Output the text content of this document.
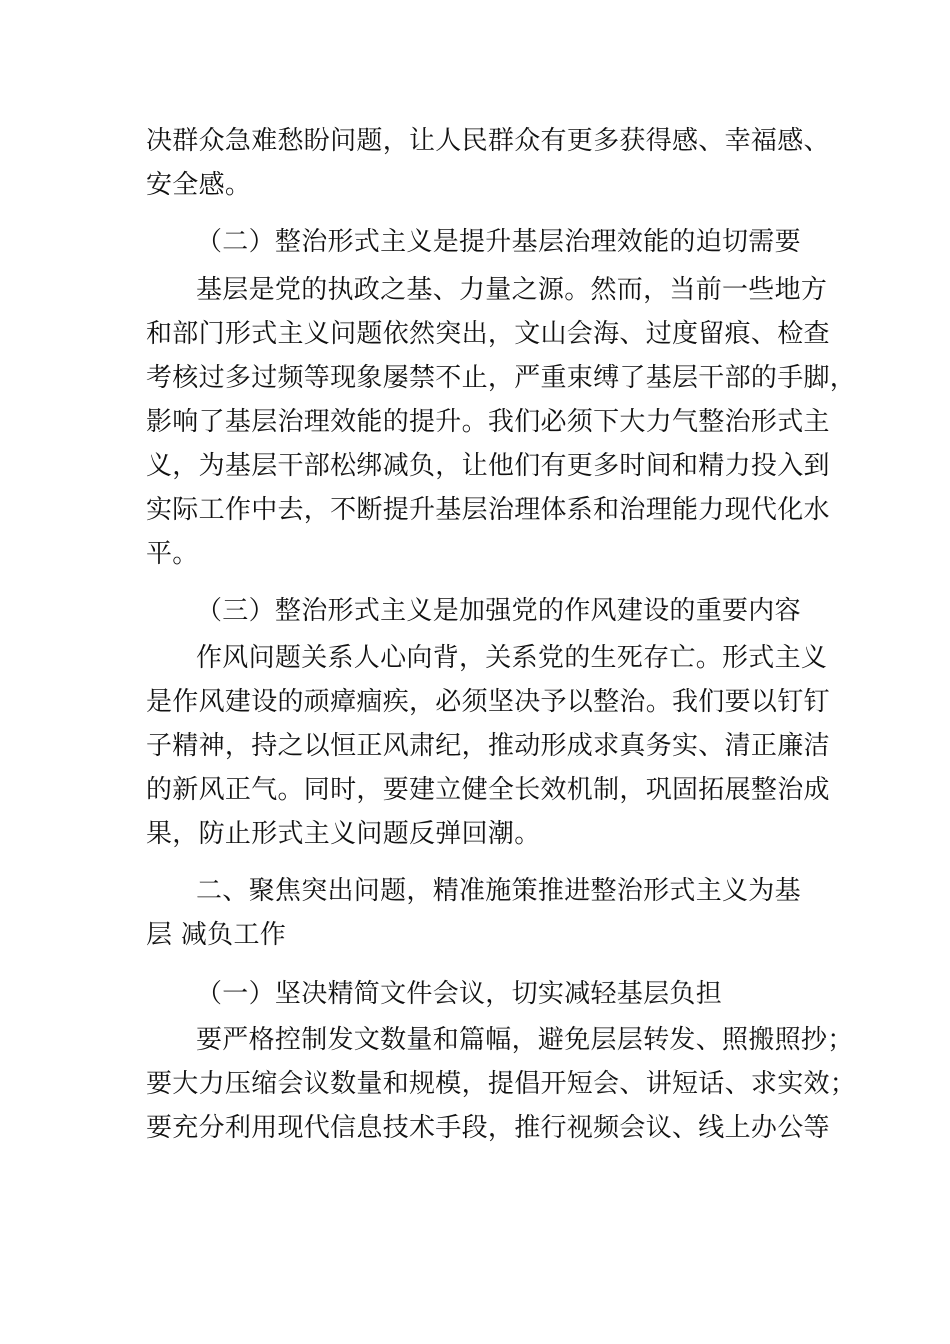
决群众急难愁盼问题，让人民群众有更多获得感、幸福感、
安全感。
（二）整治形式主义是提升基层治理效能的迫切需要
基层是党的执政之基、力量之源。然而，当前一些地方
和部门形式主义问题依然突出，文山会海、过度留痕、检查
考核过多过频等现象屡禁不止，严重束缚了基层干部的手脚，
影响了基层治理效能的提升。我们必须下大力气整治形式主
义，为基层干部松绑减负，让他们有更多时间和精力投入到
实际工作中去，不断提升基层治理体系和治理能力现代化水
平。
（三）整治形式主义是加强党的作风建设的重要内容
作风问题关系人心向背，关系党的生死存亡。形式主义
是作风建设的顽瘴痼疾，必须坚决予以整治。我们要以钉钉
子精神，持之以恒正风肃纪，推动形成求真务实、清正廉洁
的新风正气。同时，要建立健全长效机制，巩固拓展整治成
果，防止形式主义问题反弹回潮。
二、聚焦突出问题，精准施策推进整治形式主义为基
层 减负工作
（一）坚决精简文件会议，切实减轻基层负担
要严格控制发文数量和篇幅，避免层层转发、照搬照抄；
要大力压缩会议数量和规模，提倡开短会、讲短话、求实效；
要充分利用现代信息技术手段，推行视频会议、线上办公等
